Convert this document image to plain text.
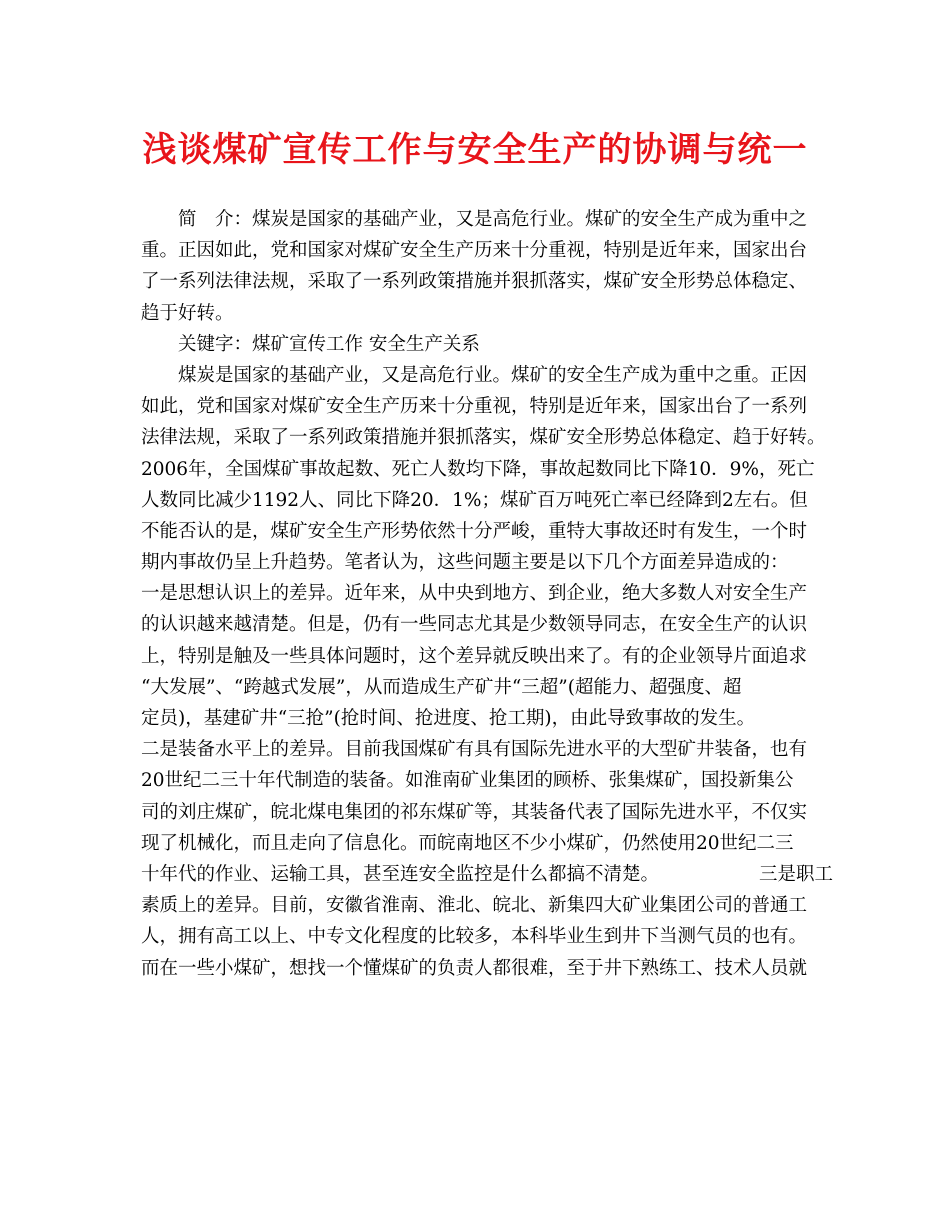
浅谈煤矿宣传工作与安全生产的协调与统一
简　介：煤炭是国家的基础产业，又是高危行业。煤矿的安全生产成为重中之
重。正因如此，党和国家对煤矿安全生产历来十分重视，特别是近年来，国家出台
了一系列法律法规，采取了一系列政策措施并狠抓落实，煤矿安全形势总体稳定、
趋于好转。
关键字：煤矿宣传工作 安全生产关系
煤炭是国家的基础产业，又是高危行业。煤矿的安全生产成为重中之重。正因
如此，党和国家对煤矿安全生产历来十分重视，特别是近年来，国家出台了一系列
法律法规，采取了一系列政策措施并狠抓落实，煤矿安全形势总体稳定、趋于好转。
2006年，全国煤矿事故起数、死亡人数均下降，事故起数同比下降10．9%，死亡
人数同比减少1192人、同比下降20．1%；煤矿百万吨死亡率已经降到2左右。但
不能否认的是，煤矿安全生产形势依然十分严峻，重特大事故还时有发生，一个时
期内事故仍呈上升趋势。笔者认为，这些问题主要是以下几个方面差异造成的：
一是思想认识上的差异。近年来，从中央到地方、到企业，绝大多数人对安全生产
的认识越来越清楚。但是，仍有一些同志尤其是少数领导同志，在安全生产的认识
上，特别是触及一些具体问题时，这个差异就反映出来了。有的企业领导片面追求
“大发展”、“跨越式发展”，从而造成生产矿井“三超”(超能力、超强度、超
定员)，基建矿井“三抢”(抢时间、抢进度、抢工期)，由此导致事故的发生。
二是装备水平上的差异。目前我国煤矿有具有国际先进水平的大型矿井装备，也有
20世纪二三十年代制造的装备。如淮南矿业集团的顾桥、张集煤矿，国投新集公
司的刘庄煤矿，皖北煤电集团的祁东煤矿等，其装备代表了国际先进水平，不仅实
现了机械化，而且走向了信息化。而皖南地区不少小煤矿，仍然使用20世纪二三
十年代的作业、运输工具，甚至连安全监控是什么都搞不清楚。	三是职工
素质上的差异。目前，安徽省淮南、淮北、皖北、新集四大矿业集团公司的普通工
人，拥有高工以上、中专文化程度的比较多，本科毕业生到井下当测气员的也有。
而在一些小煤矿，想找一个懂煤矿的负责人都很难，至于井下熟练工、技术人员就
